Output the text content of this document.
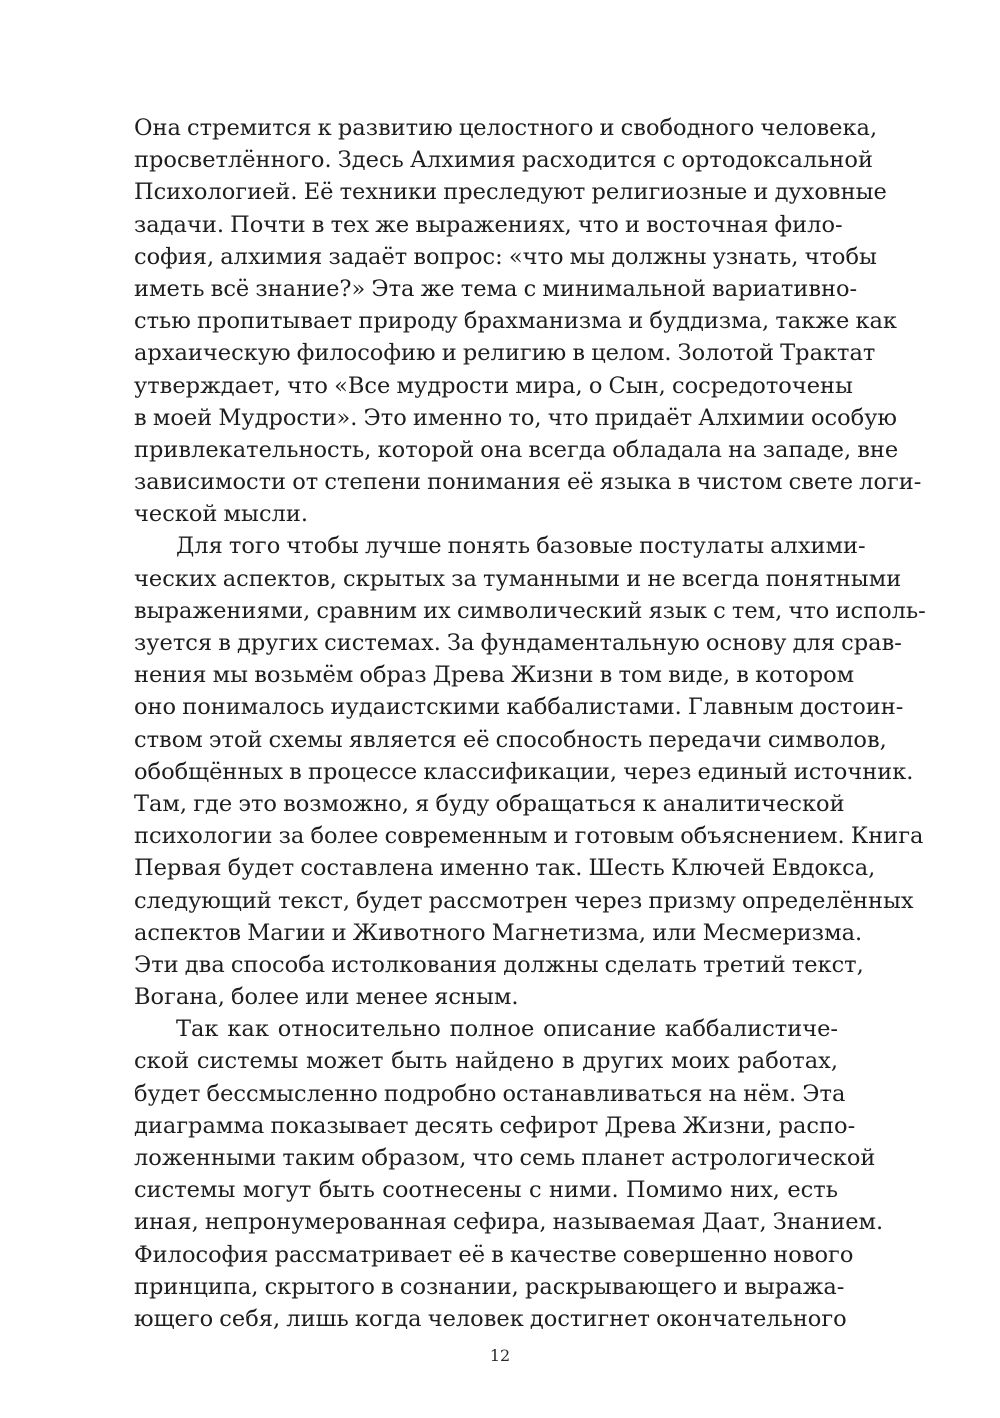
Она стремится к развитию целостного и свободного человека,
просветлённого. Здесь Алхимия расходится с ортодоксальной
Психологией. Её техники преследуют религиозные и духовные
задачи. Почти в тех же выражениях, что и восточная фило-
софия, алхимия задаёт вопрос: «что мы должны узнать, чтобы
иметь всё знание?» Эта же тема с минимальной вариативно-
стью пропитывает природу брахманизма и буддизма, также как
архаическую философию и религию в целом. Золотой Трактат
утверждает, что «Все мудрости мира, о Сын, сосредоточены
в моей Мудрости». Это именно то, что придаёт Алхимии особую
привлекательность, которой она всегда обладала на западе, вне
зависимости от степени понимания её языка в чистом свете логи-
ческой мысли.
Для того чтобы лучше понять базовые постулаты алхими-
ческих аспектов, скрытых за туманными и не всегда понятными
выражениями, сравним их символический язык с тем, что исполь-
зуется в других системах. За фундаментальную основу для срав-
нения мы возьмём образ Древа Жизни в том виде, в котором
оно понималось иудаистскими каббалистами. Главным достоин-
ством этой схемы является её способность передачи символов,
обобщённых в процессе классификации, через единый источник.
Там, где это возможно, я буду обращаться к аналитической
психологии за более современным и готовым объяснением. Книга
Первая будет составлена именно так. Шесть Ключей Евдокса,
следующий текст, будет рассмотрен через призму определённых
аспектов Магии и Животного Магнетизма, или Месмеризма.
Эти два способа истолкования должны сделать третий текст,
Вогана, более или менее ясным.
Так как относительно полное описание каббалистиче-
ской системы может быть найдено в других моих работах,
будет бессмысленно подробно останавливаться на нём. Эта
диаграмма показывает десять сефирот Древа Жизни, распо-
ложенными таким образом, что семь планет астрологической
системы могут быть соотнесены с ними. Помимо них, есть
иная, непронумерованная сефира, называемая Даат, Знанием.
Философия рассматривает её в качестве совершенно нового
принципа, скрытого в сознании, раскрывающего и выража-
ющего себя, лишь когда человек достигнет окончательного
12
